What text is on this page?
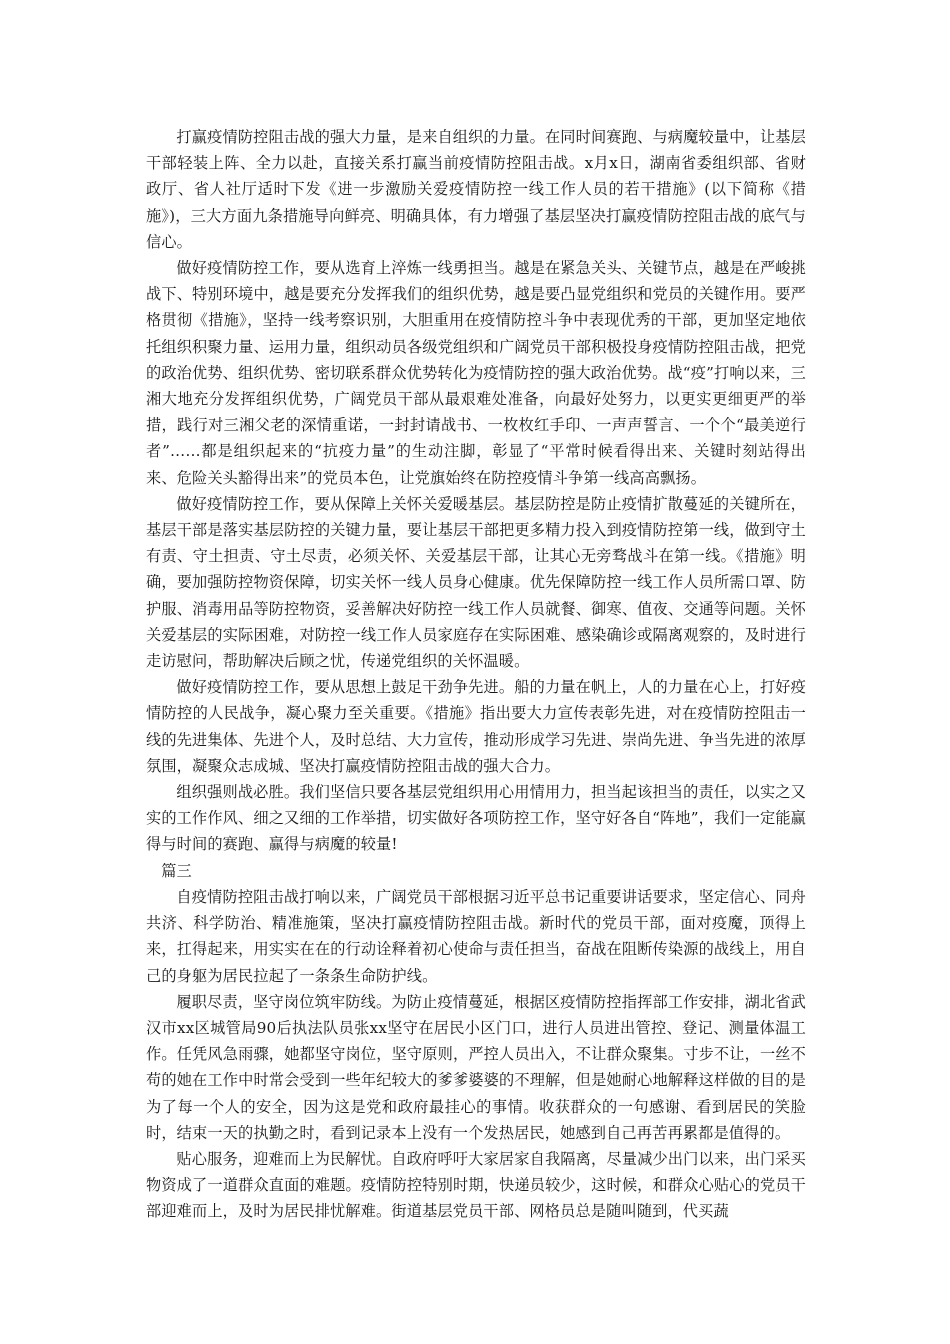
打赢疫情防控阻击战的强大力量，是来自组织的力量。在同时间赛跑、与病魔较量中，让基层干部轻装上阵、全力以赴，直接关系打赢当前疫情防控阻击战。x月x日，湖南省委组织部、省财政厅、省人社厅适时下发《进一步激励关爱疫情防控一线工作人员的若干措施》(以下简称《措施》)，三大方面九条措施导向鲜亮、明确具体，有力增强了基层坚决打赢疫情防控阻击战的底气与信心。

做好疫情防控工作，要从选育上淬炼一线勇担当。越是在紧急关头、关键节点，越是在严峻挑战下、特别环境中，越是要充分发挥我们的组织优势，越是要凸显党组织和党员的关键作用。要严格贯彻《措施》，坚持一线考察识别，大胆重用在疫情防控斗争中表现优秀的干部，更加坚定地依托组织积聚力量、运用力量，组织动员各级党组织和广阔党员干部积极投身疫情防控阻击战，把党的政治优势、组织优势、密切联系群众优势转化为疫情防控的强大政治优势。战“疫”打响以来，三湘大地充分发挥组织优势，广阔党员干部从最艰难处准备，向最好处努力，以更实更细更严的举措，践行对三湘父老的深情重诺，一封封请战书、一枚枚红手印、一声声誓言、一个个“最美逆行者”……都是组织起来的“抗疫力量”的生动注脚，彰显了“平常时候看得出来、关键时刻站得出来、危险关头豁得出来”的党员本色，让党旗始终在防控疫情斗争第一线高高飘扬。

做好疫情防控工作，要从保障上关怀关爱暖基层。基层防控是防止疫情扩散蔓延的关键所在，基层干部是落实基层防控的关键力量，要让基层干部把更多精力投入到疫情防控第一线，做到守土有责、守土担责、守土尽责，必须关怀、关爱基层干部，让其心无旁骛战斗在第一线。《措施》明确，要加强防控物资保障，切实关怀一线人员身心健康。优先保障防控一线工作人员所需口罩、防护服、消毒用品等防控物资，妥善解决好防控一线工作人员就餐、御寒、值夜、交通等问题。关怀关爱基层的实际困难，对防控一线工作人员家庭存在实际困难、感染确诊或隔离观察的，及时进行走访慰问，帮助解决后顾之忧，传递党组织的关怀温暖。

做好疫情防控工作，要从思想上鼓足干劲争先进。船的力量在帆上，人的力量在心上，打好疫情防控的人民战争，凝心聚力至关重要。《措施》指出要大力宣传表彰先进，对在疫情防控阻击一线的先进集体、先进个人，及时总结、大力宣传，推动形成学习先进、崇尚先进、争当先进的浓厚氛围，凝聚众志成城、坚决打赢疫情防控阻击战的强大合力。

组织强则战必胜。我们坚信只要各基层党组织用心用情用力，担当起该担当的责任，以实之又实的工作作风、细之又细的工作举措，切实做好各项防控工作，坚守好各自“阵地”，我们一定能赢得与时间的赛跑、赢得与病魔的较量!

篇三

自疫情防控阻击战打响以来，广阔党员干部根据习近平总书记重要讲话要求，坚定信心、同舟共济、科学防治、精准施策，坚决打赢疫情防控阻击战。新时代的党员干部，面对疫魔，顶得上来，扛得起来，用实实在在的行动诠释着初心使命与责任担当，奋战在阻断传染源的战线上，用自己的身躯为居民拉起了一条条生命防护线。

履职尽责，坚守岗位筑牢防线。为防止疫情蔓延，根据区疫情防控指挥部工作安排，湖北省武汉市xx区城管局90后执法队员张xx坚守在居民小区门口，进行人员进出管控、登记、测量体温工作。任凭风急雨骤，她都坚守岗位，坚守原则，严控人员出入，不让群众聚集。寸步不让，一丝不苟的她在工作中时常会受到一些年纪较大的爹爹婆婆的不理解，但是她耐心地解释这样做的目的是为了每一个人的安全，因为这是党和政府最挂心的事情。收获群众的一句感谢、看到居民的笑脸时，结束一天的执勤之时，看到记录本上没有一个发热居民，她感到自己再苦再累都是值得的。

贴心服务，迎难而上为民解忧。自政府呼吁大家居家自我隔离，尽量减少出门以来，出门采买物资成了一道群众直面的难题。疫情防控特别时期，快递员较少，这时候，和群众心贴心的党员干部迎难而上，及时为居民排忧解难。街道基层党员干部、网格员总是随叫随到，代买蔬
